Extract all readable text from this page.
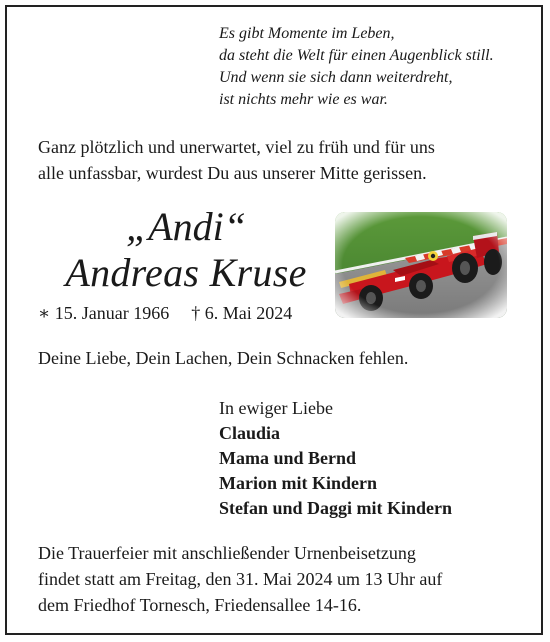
Es gibt Momente im Leben,
da steht die Welt für einen Augenblick still.
Und wenn sie sich dann weiterdreht,
ist nichts mehr wie es war.
Ganz plötzlich und unerwartet, viel zu früh und für uns
alle unfassbar, wurdest Du aus unserer Mitte gerissen.
„Andi“
Andreas Kruse
∗ 15. Januar 1966 † 6. Mai 2024
Deine Liebe, Dein Lachen, Dein Schnacken fehlen.
In ewiger Liebe
Claudia
Mama und Bernd
Marion mit Kindern
Stefan und Daggi mit Kindern
Die Trauerfeier mit anschließender Urnenbeisetzung
findet statt am Freitag, den 31. Mai 2024 um 13 Uhr auf
dem Friedhof Tornesch, Friedensallee 14-16.
